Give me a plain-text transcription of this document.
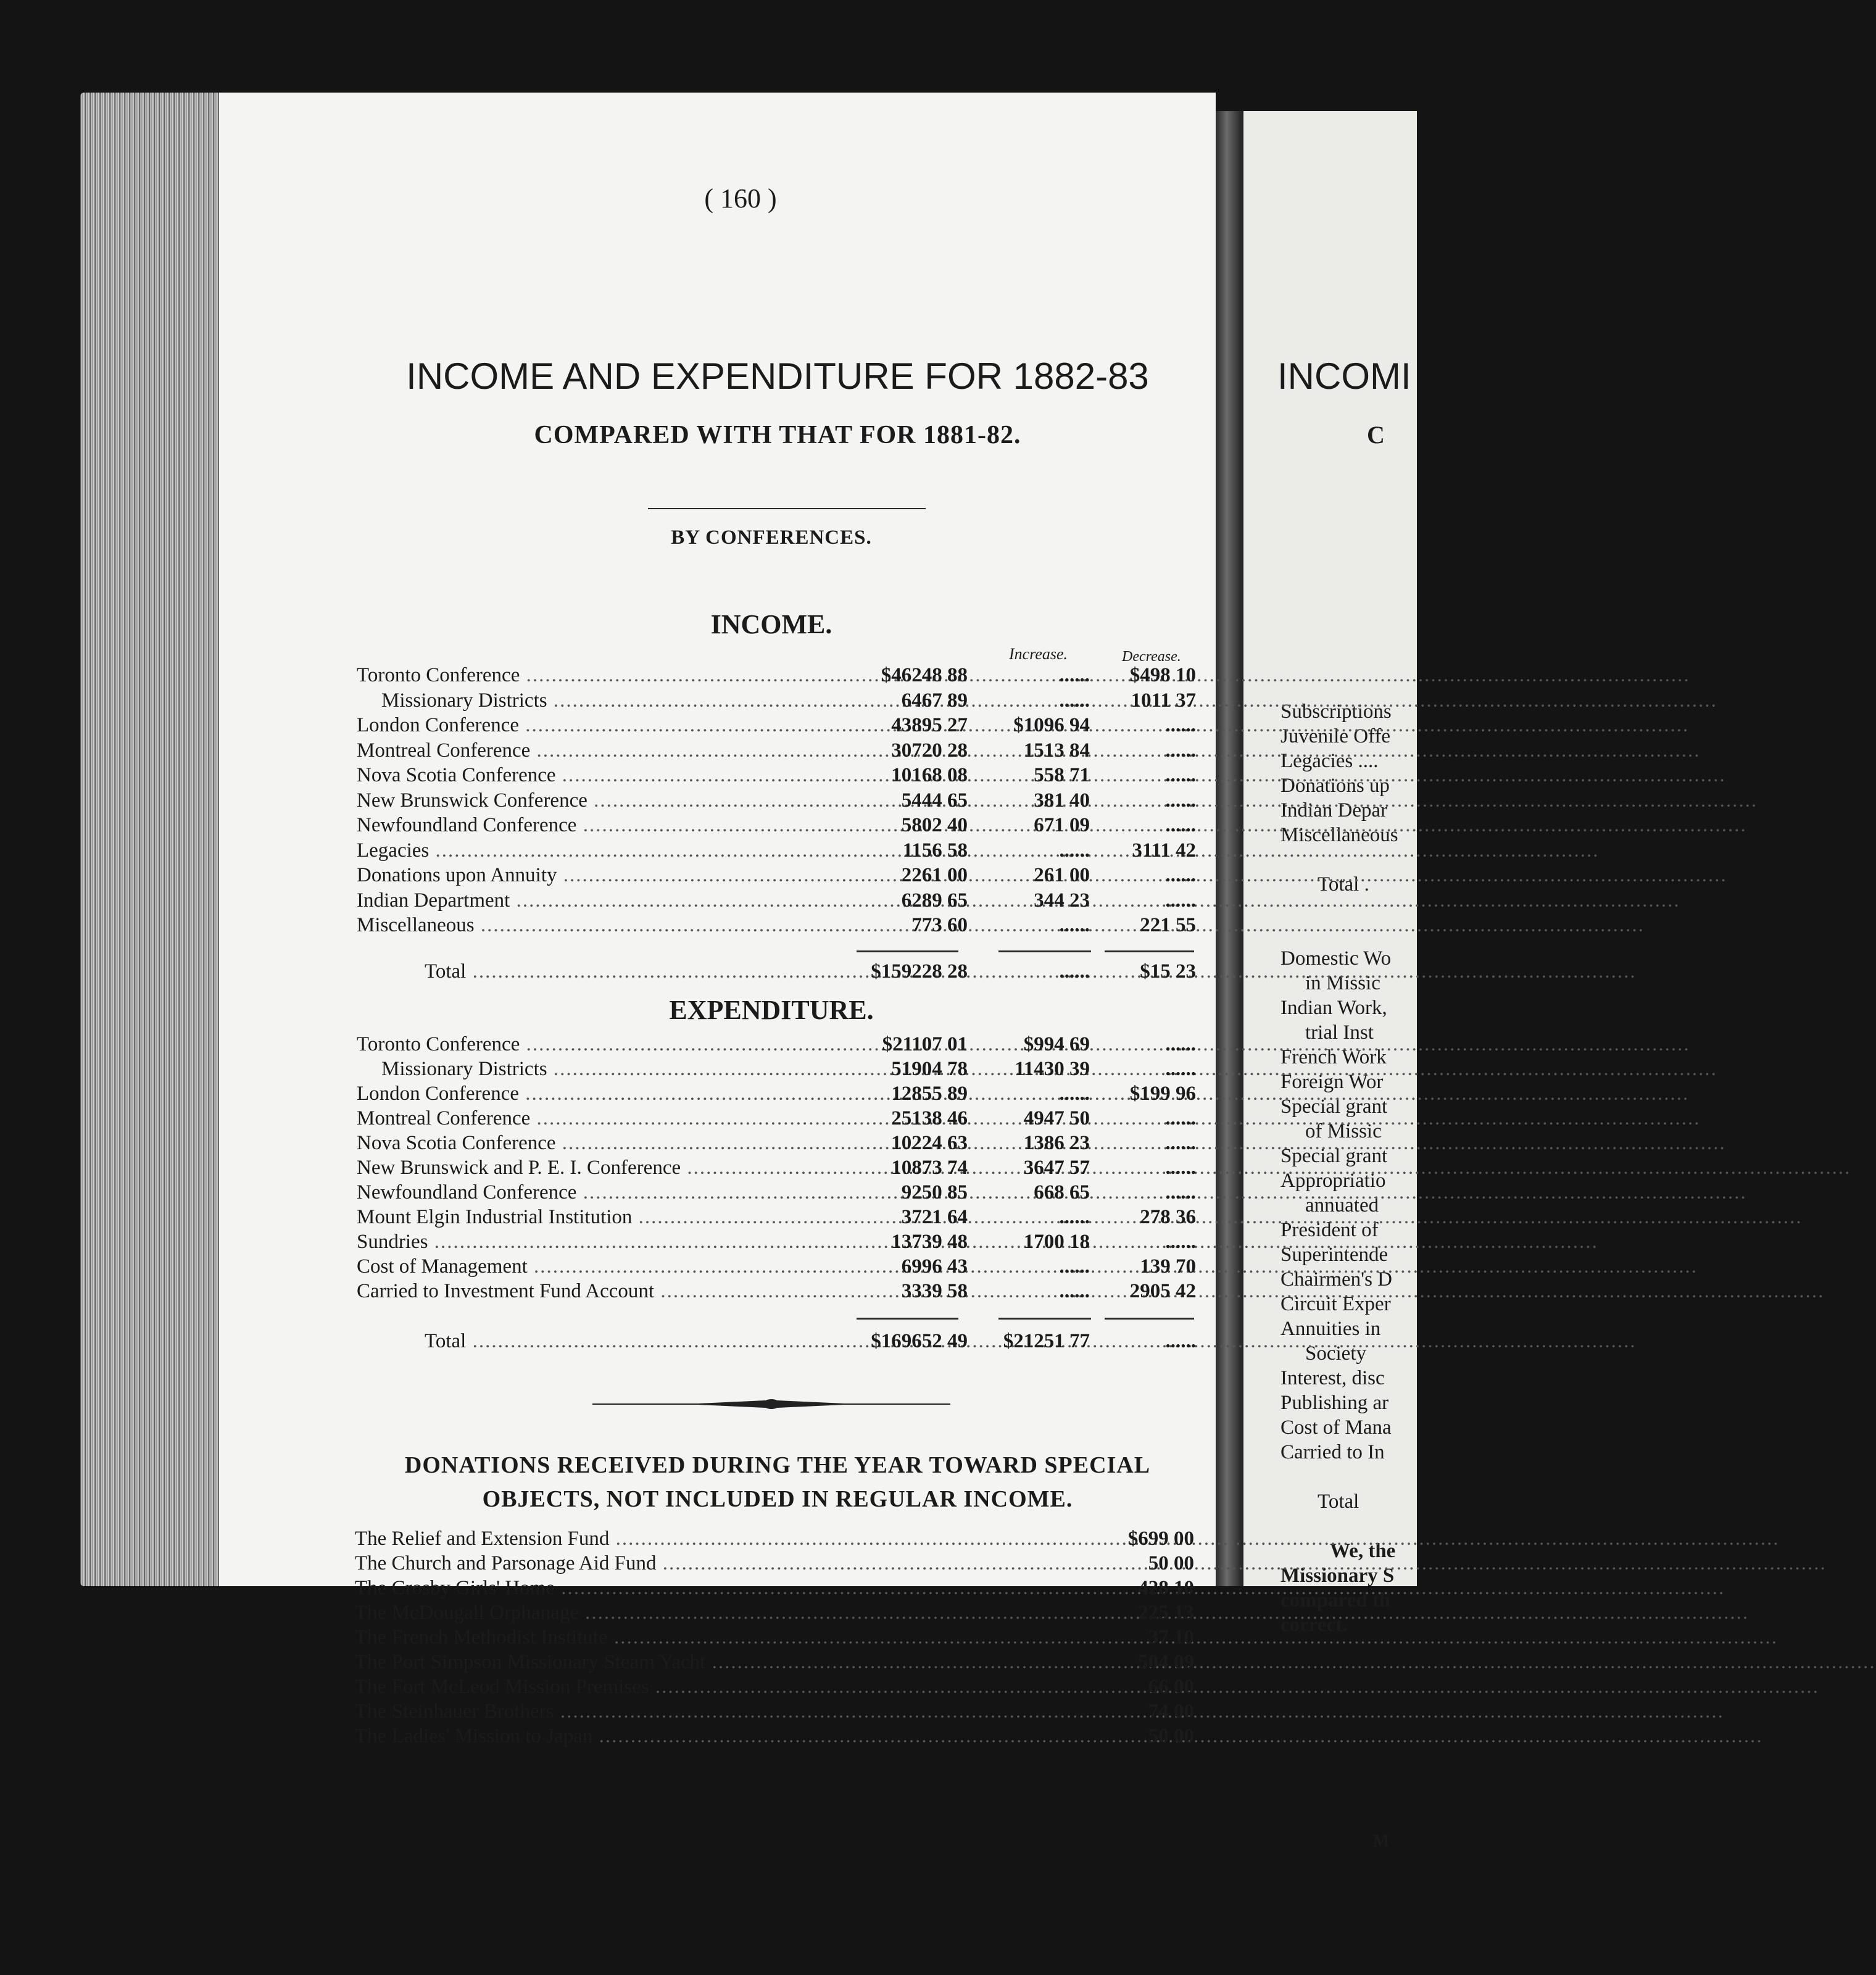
INCOMI
C
Subscriptions
Juvenile Offe
Legacies ....
Donations up
Indian Depar
Miscellaneous
Total .
Domestic Wo
in Missic
Indian Work,
trial Inst
French Work
Foreign Wor
Special grant
of Missic
Special grant
Appropriatio
annuated
President of
Superintende
Chairmen's D
Circuit Exper
Annuities in
Society
Interest, disc
Publishing ar
Cost of Mana
Carried to In
Total
We, the
Missionary S
compared th
correct.
M
( 160 )
INCOME AND EXPENDITURE FOR 1882-83
COMPARED WITH THAT FOR 1881-82.
BY CONFERENCES.
INCOME.
Increase.	Decrease.
Toronto Conference .....	$46248 88	......	$498 10
Missionary Districts .....	6467 89	......	1011 37
London Conference .....	43895 27	$1096 94	......
Montreal Conference .....	30720 28	1513 84	......
Nova Scotia Conference .....	10168 08	558 71	......
New Brunswick Conference .....	5444 65	381 40	......
Newfoundland Conference .....	5802 40	671 09	......
Legacies .....	1156 58	......	3111 42
Donations upon Annuity .....	2261 00	261 00	......
Indian Department .....	6289 65	344 23	......
Miscellaneous .....	773 60	......	221 55
Total .....	$159228 28	......	$15 23
EXPENDITURE.
Toronto Conference .....	$21107 01	$994 69	......
Missionary Districts .....	51904 78	11430 39	......
London Conference .....	12855 89	......	$199 96
Montreal Conference .....	25138 46	4947 50	......
Nova Scotia Conference .....	10224 63	1386 23	......
New Brunswick and P. E. I. Conference .....	10873 74	3647 57	......
Newfoundland Conference .....	9250 85	668 65	......
Mount Elgin Industrial Institution .....	3721 64	......	278 36
Sundries .....	13739 48	1700 18	......
Cost of Management .....	6996 43	......	139 70
Carried to Investment Fund Account .....	3339 58	......	2905 42
Total .....	$169652 49	$21251 77	......
DONATIONS RECEIVED DURING THE YEAR TOWARD SPECIAL
OBJECTS, NOT INCLUDED IN REGULAR INCOME.
The Relief and Extension Fund .....	$699 00
The Church and Parsonage Aid Fund .....	50 00
The Crosby Girls' Home .....	428 10
The McDougall Orphanage .....	225 13
The French Methodist Institute .....	37 10
The Port Simpson Missionary Steam Yacht .....	504 09
The Fort McLeod Mission Premises .....	66 00
The Steinhauer Brothers .....	74 00
The Ladies' Mission to Japan .....	50 00
